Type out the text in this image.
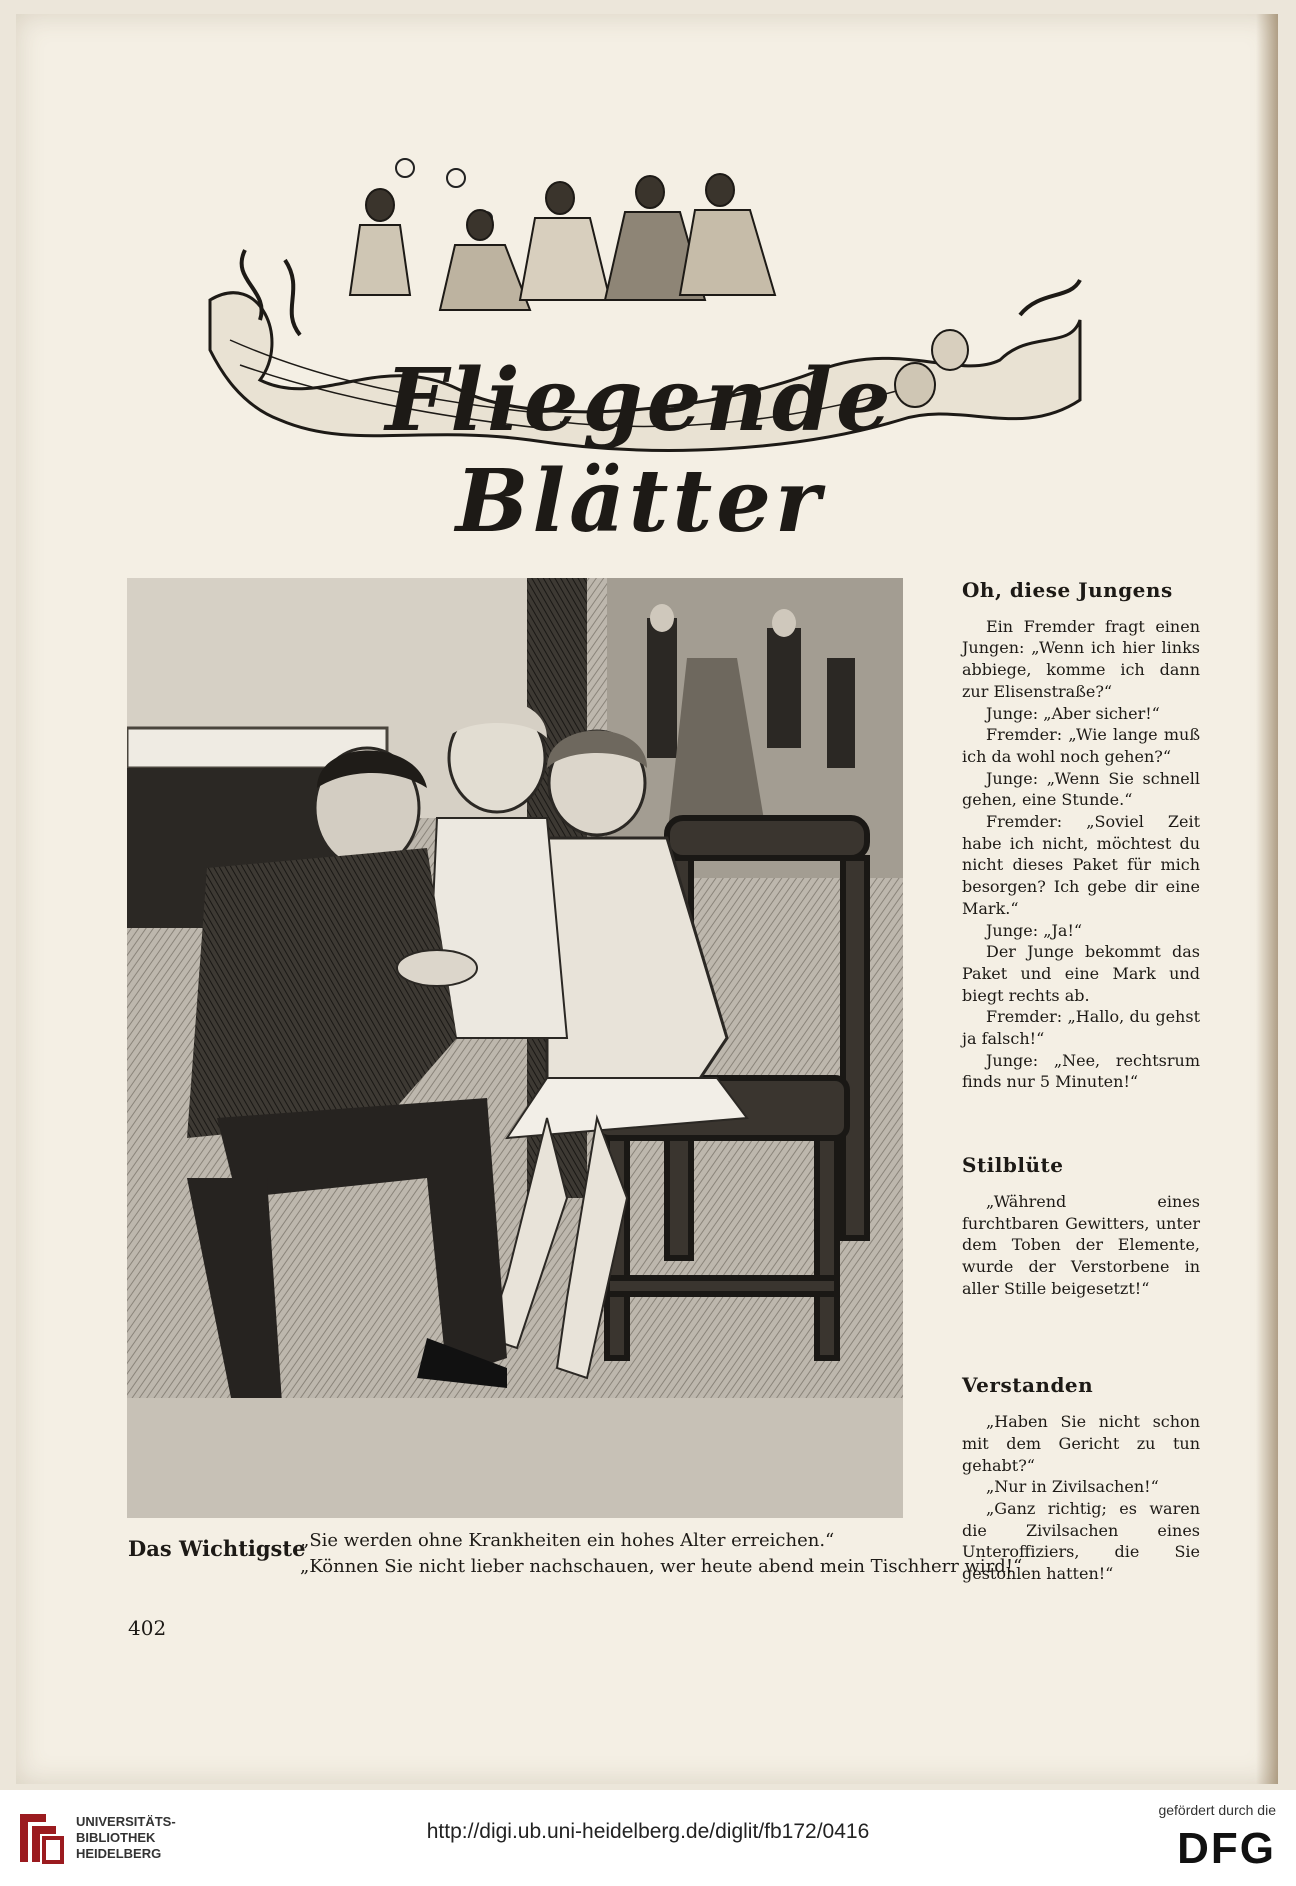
Fliegende Blätter
Das Wichtigste
„Sie werden ohne Krankheiten ein hohes Alter erreichen.“
„Können Sie nicht lieber nachschauen, wer heute abend mein Tischherr wird!“
402
Oh, diese Jungens

Ein Fremder fragt einen Jungen: „Wenn ich hier links abbiege, komme ich dann zur Elisenstraße?“

Junge: „Aber sicher!“

Fremder: „Wie lange muß ich da wohl noch gehen?“

Junge: „Wenn Sie schnell gehen, eine Stunde.“

Fremder: „Soviel Zeit habe ich nicht, möchtest du nicht dieses Paket für mich besorgen? Ich gebe dir eine Mark.“

Junge: „Ja!“

Der Junge bekommt das Paket und eine Mark und biegt rechts ab.

Fremder: „Hallo, du gehst ja falsch!“

Junge: „Nee, rechtsrum finds nur 5 Minuten!“

Stilblüte

„Während eines furchtbaren Gewitters, unter dem Toben der Elemente, wurde der Verstorbene in aller Stille beigesetzt!“

Verstanden

„Haben Sie nicht schon mit dem Gericht zu tun gehabt?“

„Nur in Zivilsachen!“

„Ganz richtig; es waren die Zivilsachen eines Unteroffiziers, die Sie gestohlen hatten!“

UNIVERSITÄTS-
BIBLIOTHEK
HEIDELBERG
http://digi.ub.uni-heidelberg.de/diglit/fb172/0416
gefördert durch die
DFG
